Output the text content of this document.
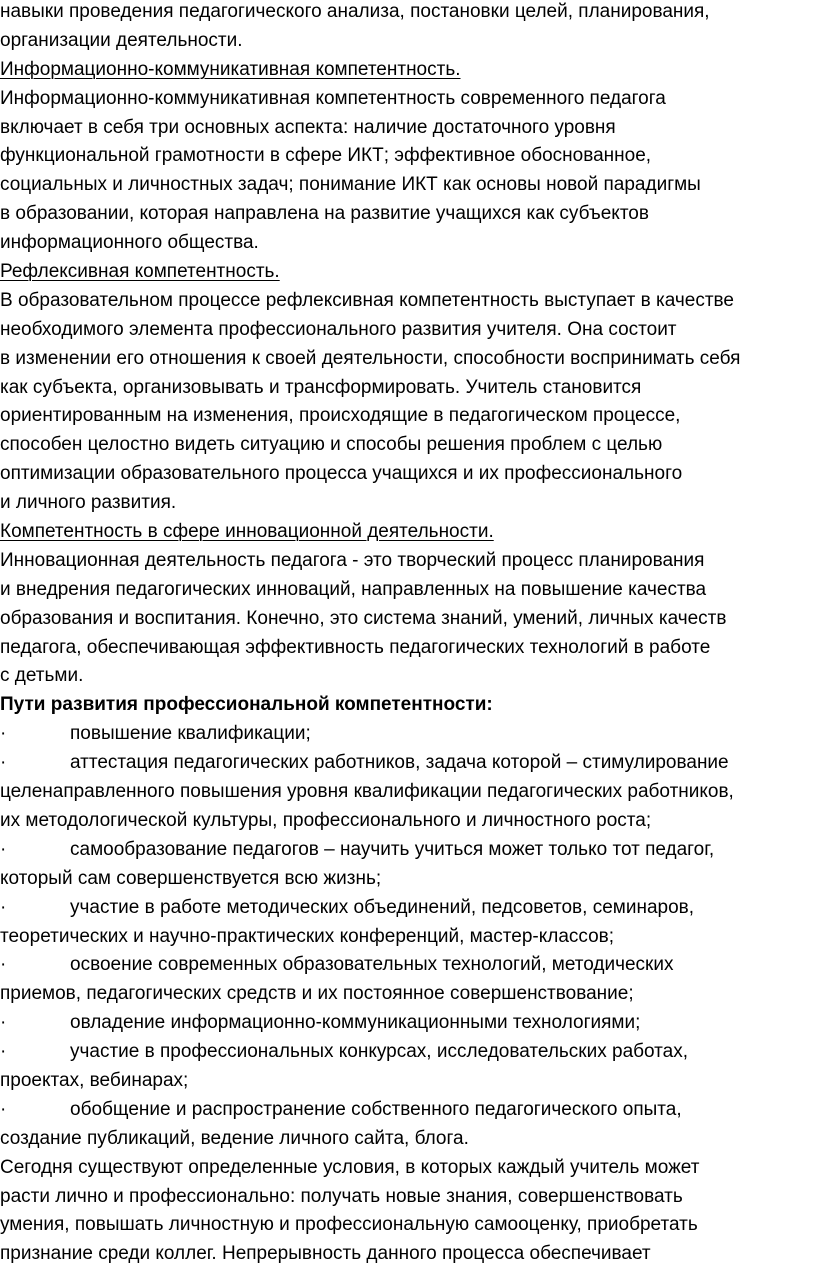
навыки проведения педагогического анализа, постановки целей, планирования,
организации деятельности.
Информационно-коммуникативная компетентность.
Информационно-коммуникативная компетентность современного педагога
включает в себя три основных аспекта: наличие достаточного уровня
функциональной грамотности в сфере ИКТ; эффективное обоснованное,
социальных и личностных задач; понимание ИКТ как основы новой парадигмы
в образовании, которая направлена на развитие учащихся как субъектов
информационного общества.
Рефлексивная компетентность.
В образовательном процессе рефлексивная компетентность выступает в качестве
необходимого элемента профессионального развития учителя. Она состоит
в изменении его отношения к своей деятельности, способности воспринимать себя
как субъекта, организовывать и трансформировать. Учитель становится
ориентированным на изменения, происходящие в педагогическом процессе,
способен целостно видеть ситуацию и способы решения проблем с целью
оптимизации образовательного процесса учащихся и их профессионального
и личного развития.
Компетентность в сфере инновационной деятельности.
Инновационная деятельность педагога - это творческий процесс планирования
и внедрения педагогических инноваций, направленных на повышение качества
образования и воспитания. Конечно, это система знаний, умений, личных качеств
педагога, обеспечивающая эффективность педагогических технологий в работе
с детьми.
Пути развития профессиональной компетентности:
·	повышение квалификации;
·	аттестация педагогических работников, задача которой – стимулирование
целенаправленного повышения уровня квалификации педагогических работников,
их методологической культуры, профессионального и личностного роста;
·	самообразование педагогов – научить учиться может только тот педагог,
который сам совершенствуется всю жизнь;
·	участие в работе методических объединений, педсоветов, семинаров,
теоретических и научно-практических конференций, мастер-классов;
·	освоение современных образовательных технологий, методических
приемов, педагогических средств и их постоянное совершенствование;
·	овладение информационно-коммуникационными технологиями;
·	участие в профессиональных конкурсах, исследовательских работах,
проектах, вебинарах;
·	обобщение и распространение собственного педагогического опыта,
создание публикаций, ведение личного сайта, блога.
Сегодня существуют определенные условия, в которых каждый учитель может
расти лично и профессионально: получать новые знания, совершенствовать
умения, повышать личностную и профессиональную самооценку, приобретать
признание среди коллег. Непрерывность данного процесса обеспечивает
